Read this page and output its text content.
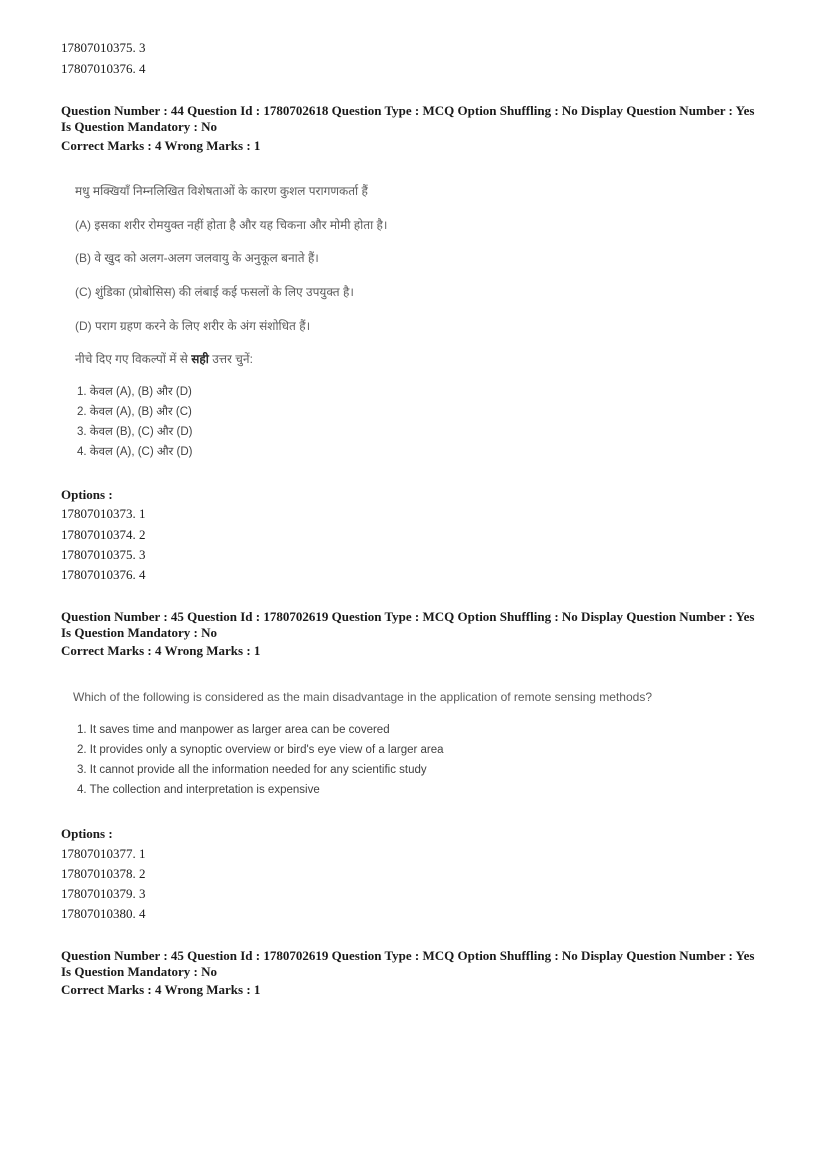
17807010375. 3
17807010376. 4
Question Number : 44 Question Id : 1780702618 Question Type : MCQ Option Shuffling : No Display Question Number : Yes
Is Question Mandatory : No
Correct Marks : 4 Wrong Marks : 1
मधु मक्खियाँ निम्नलिखित विशेषताओं के कारण कुशल परागणकर्ता हैं
(A) इसका शरीर रोमयुक्त नहीं होता है और यह चिकना और मोमी होता है।
(B) वे खुद को अलग-अलग जलवायु के अनुकूल बनाते हैं।
(C) शुंडिका (प्रोबोसिस) की लंबाई कई फसलों के लिए उपयुक्त है।
(D) पराग ग्रहण करने के लिए शरीर के अंग संशोधित हैं।
नीचे दिए गए विकल्पों में से सही उत्तर चुनें:
1. केवल (A), (B) और (D)
2. केवल (A), (B) और (C)
3. केवल (B), (C) और (D)
4. केवल (A), (C) और (D)
Options :
17807010373. 1
17807010374. 2
17807010375. 3
17807010376. 4
Question Number : 45 Question Id : 1780702619 Question Type : MCQ Option Shuffling : No Display Question Number : Yes
Is Question Mandatory : No
Correct Marks : 4 Wrong Marks : 1
Which of the following is considered as the main disadvantage in the application of remote sensing methods?
1. It saves time and manpower as larger area can be covered
2. It provides only a synoptic overview or bird's eye view of a larger area
3. It cannot provide all the information needed for any scientific study
4. The collection and interpretation is expensive
Options :
17807010377. 1
17807010378. 2
17807010379. 3
17807010380. 4
Question Number : 45 Question Id : 1780702619 Question Type : MCQ Option Shuffling : No Display Question Number : Yes
Is Question Mandatory : No
Correct Marks : 4 Wrong Marks : 1
